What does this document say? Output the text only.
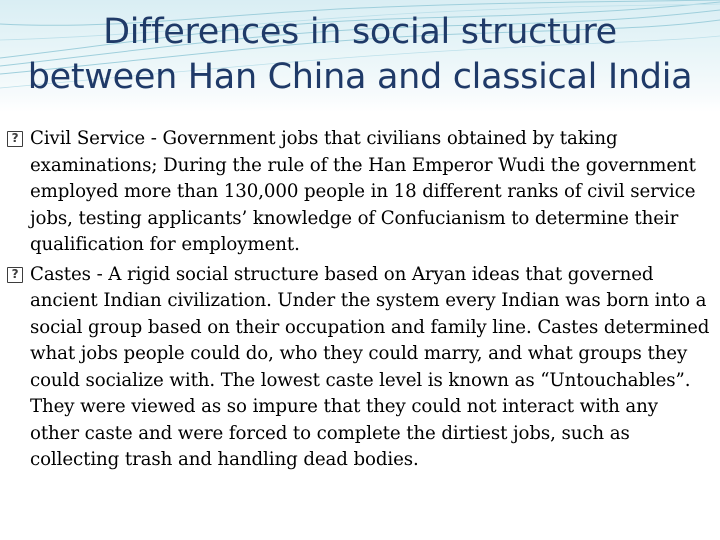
Differences in social structure
between Han China and classical India
? Civil Service - Government jobs that civilians obtained by taking examinations; During the rule of the Han Emperor Wudi the government employed more than 130,000 people in 18 different ranks of civil service jobs, testing applicants’ knowledge of Confucianism to determine their qualification for employment.
? Castes - A rigid social structure based on Aryan ideas that governed ancient Indian civilization. Under the system every Indian was born into a social group based on their occupation and family line. Castes determined what jobs people could do, who they could marry, and what groups they could socialize with. The lowest caste level is known as “Untouchables”. They were viewed as so impure that they could not interact with any other caste and were forced to complete the dirtiest jobs, such as collecting trash and handling dead bodies.
